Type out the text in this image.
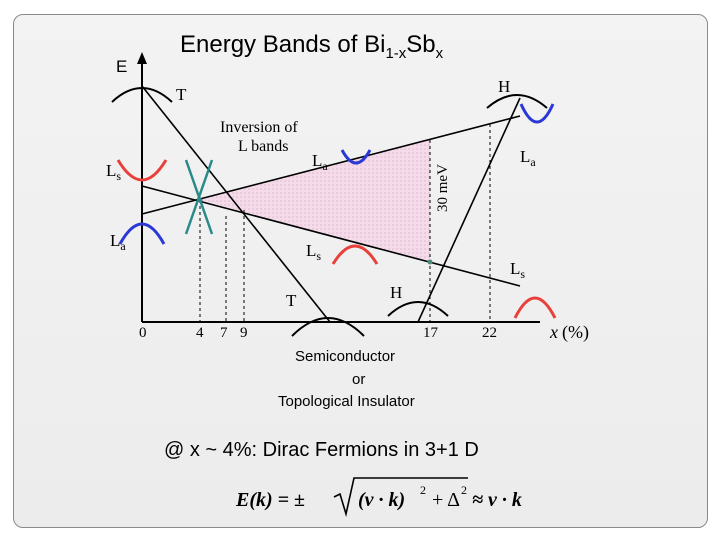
Energy Bands of $Bi_{1-x}Sb_x$
E
T	H
$L_s$
$L_a$
$L_a$	$L_a$
$L_s$
$L_s$
T	H
Inversion of
L bands
30 meV
0	4 7 9	17	22	x (%)
Semiconductor
or
Topological Insulator
@ x ~ 4%: Dirac Fermions in 3+1 D
E(k) = ±	(v · k) 2 + Δ 2 ≈ v · k
